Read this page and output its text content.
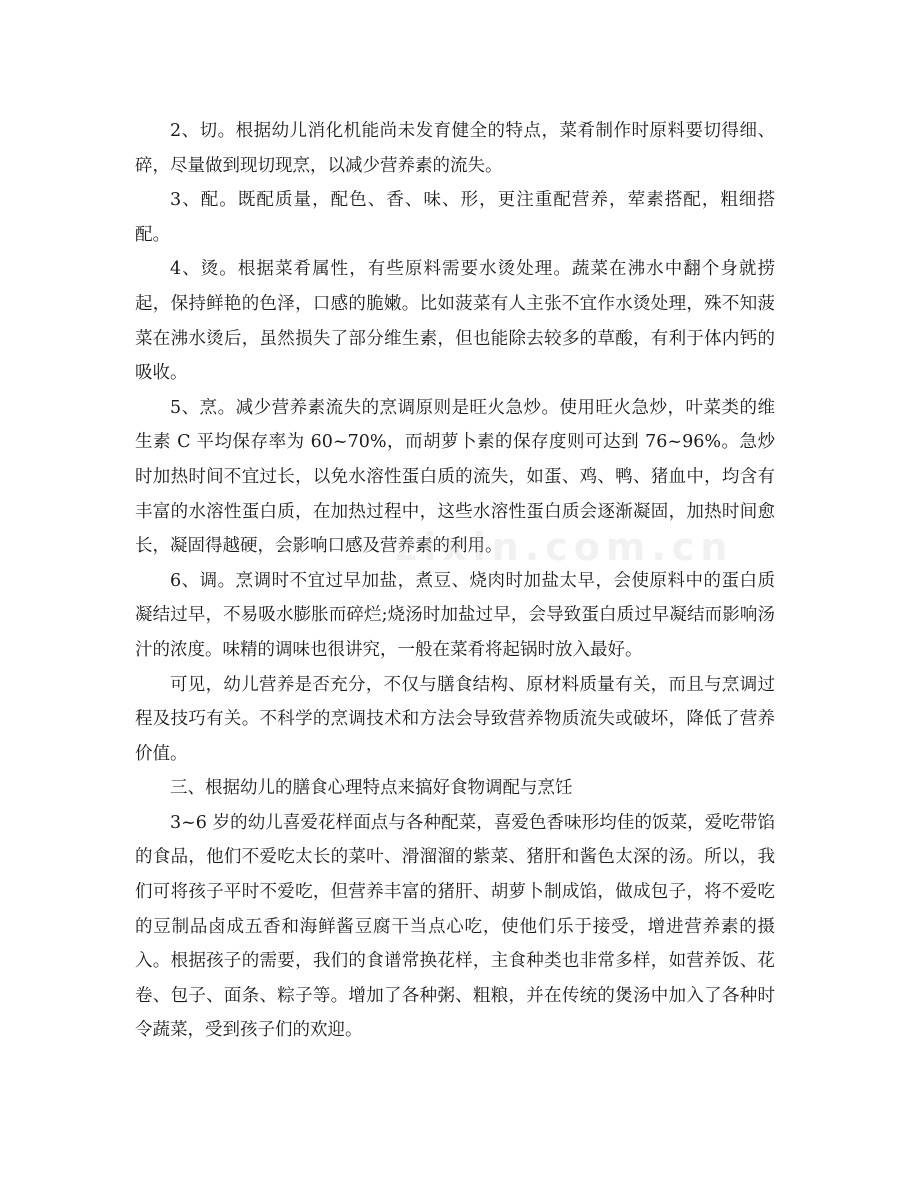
2、切。根据幼儿消化机能尚未发育健全的特点，菜肴制作时原料要切得细、碎，尽量做到现切现烹，以减少营养素的流失。

3、配。既配质量，配色、香、味、形，更注重配营养，荤素搭配，粗细搭配。

4、烫。根据菜肴属性，有些原料需要水烫处理。蔬菜在沸水中翻个身就捞起，保持鲜艳的色泽，口感的脆嫩。比如菠菜有人主张不宜作水烫处理，殊不知菠菜在沸水烫后，虽然损失了部分维生素，但也能除去较多的草酸，有利于体内钙的吸收。

5、烹。减少营养素流失的烹调原则是旺火急炒。使用旺火急炒，叶菜类的维生素 C 平均保存率为 60~70%，而胡萝卜素的保存度则可达到 76~96%。急炒时加热时间不宜过长，以免水溶性蛋白质的流失，如蛋、鸡、鸭、猪血中，均含有丰富的水溶性蛋白质，在加热过程中，这些水溶性蛋白质会逐渐凝固，加热时间愈长，凝固得越硬，会影响口感及营养素的利用。

6、调。烹调时不宜过早加盐，煮豆、烧肉时加盐太早，会使原料中的蛋白质凝结过早，不易吸水膨胀而碎烂;烧汤时加盐过早，会导致蛋白质过早凝结而影响汤汁的浓度。味精的调味也很讲究，一般在菜肴将起锅时放入最好。

可见，幼儿营养是否充分，不仅与膳食结构、原材料质量有关，而且与烹调过程及技巧有关。不科学的烹调技术和方法会导致营养物质流失或破坏，降低了营养价值。

三、根据幼儿的膳食心理特点来搞好食物调配与烹饪

3~6 岁的幼儿喜爱花样面点与各种配菜，喜爱色香味形均佳的饭菜，爱吃带馅的食品，他们不爱吃太长的菜叶、滑溜溜的紫菜、猪肝和酱色太深的汤。所以，我们可将孩子平时不爱吃，但营养丰富的猪肝、胡萝卜制成馅，做成包子，将不爱吃的豆制品卤成五香和海鲜酱豆腐干当点心吃，使他们乐于接受，增进营养素的摄入。根据孩子的需要，我们的食谱常换花样，主食种类也非常多样，如营养饭、花卷、包子、面条、粽子等。增加了各种粥、粗粮，并在传统的煲汤中加入了各种时令蔬菜，受到孩子们的欢迎。

zixin.com.cn
